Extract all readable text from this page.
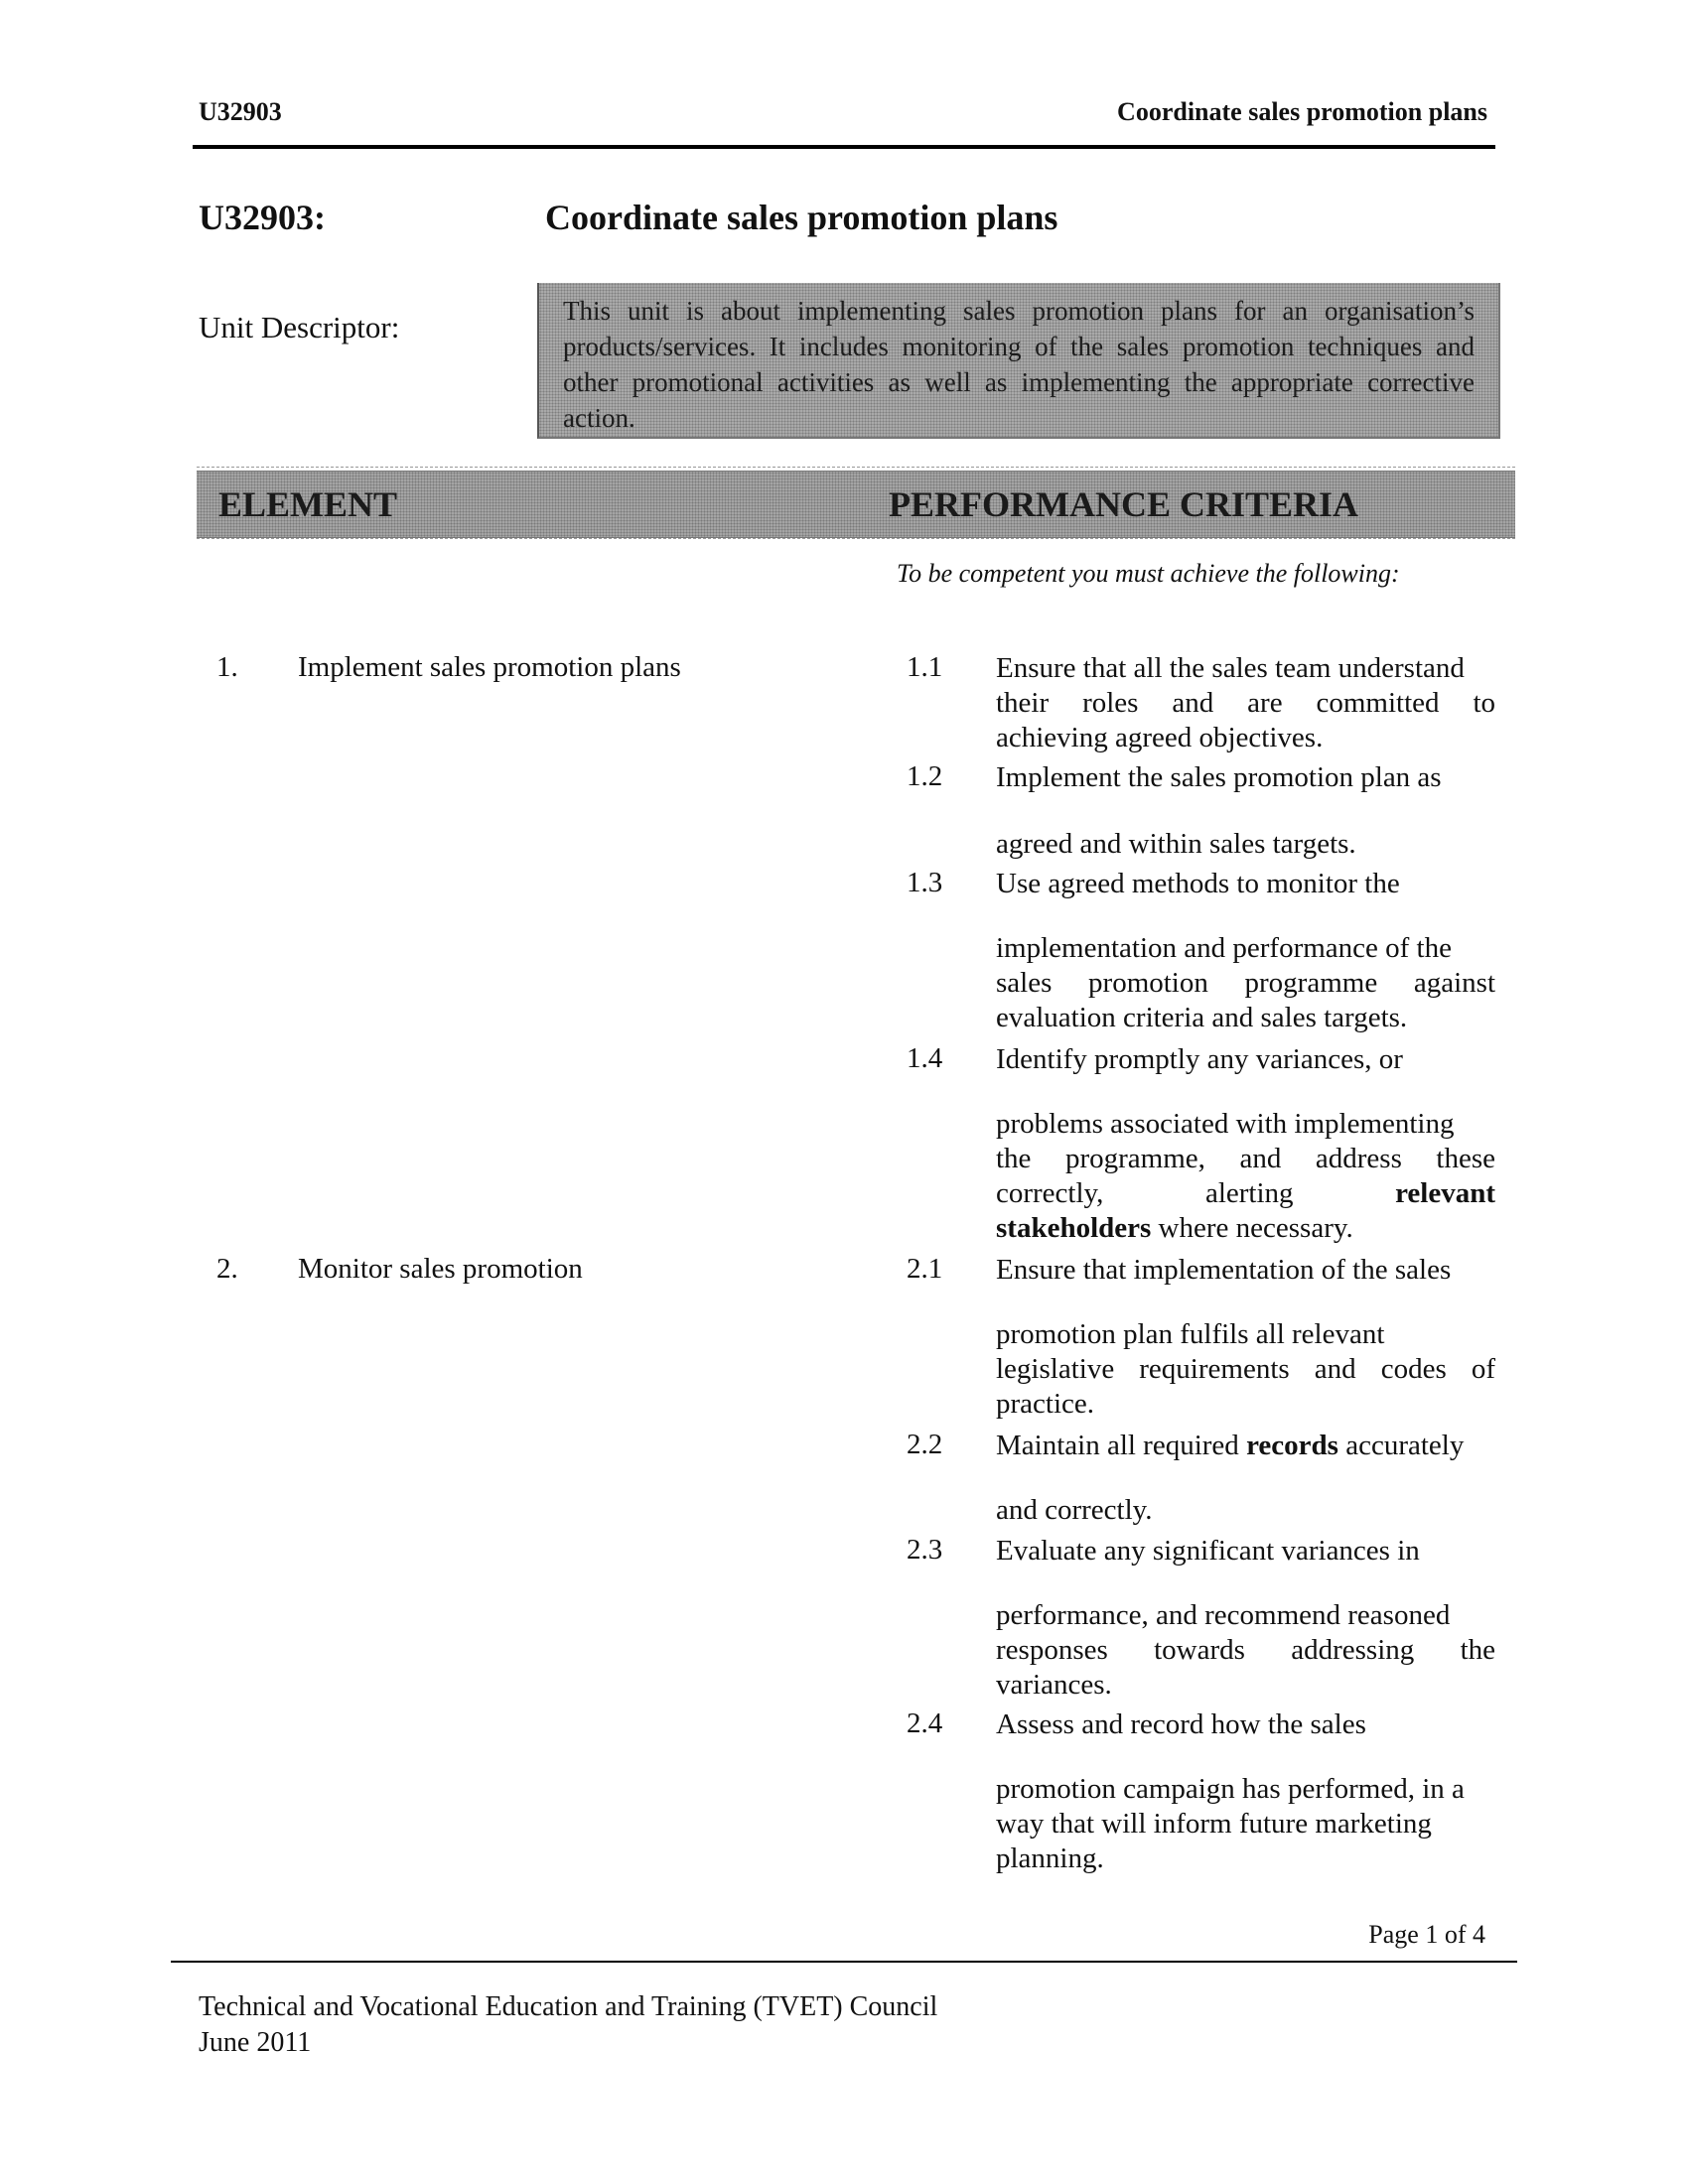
U32903	Coordinate sales promotion plans
U32903:	Coordinate sales promotion plans
Unit Descriptor:	This unit is about implementing sales promotion plans for an organisation’s products/services. It includes monitoring of the sales promotion techniques and other promotional activities as well as implementing the appropriate corrective action.
ELEMENT	PERFORMANCE CRITERIA
To be competent you must achieve the following:
1. Implement sales promotion plans	1.1 Ensure that all the sales team understand
their roles and are committed to
achieving agreed objectives.
1.2 Implement the sales promotion plan as
agreed and within sales targets.
1.3 Use agreed methods to monitor the
implementation and performance of the
sales promotion programme against
evaluation criteria and sales targets.
1.4 Identify promptly any variances, or
problems associated with implementing
the programme, and address these
correctly,	alerting	relevant
stakeholders where necessary.
2. Monitor sales promotion	2.1 Ensure that implementation of the sales
promotion plan fulfils all relevant
legislative requirements and codes of
practice.
2.2 Maintain all required records accurately
and correctly.
2.3 Evaluate any significant variances in
performance, and recommend reasoned
responses towards addressing the
variances.
2.4 Assess and record how the sales
promotion campaign has performed, in a
way that will inform future marketing
planning.
Page 1 of 4
Technical and Vocational Education and Training (TVET) Council
June 2011
